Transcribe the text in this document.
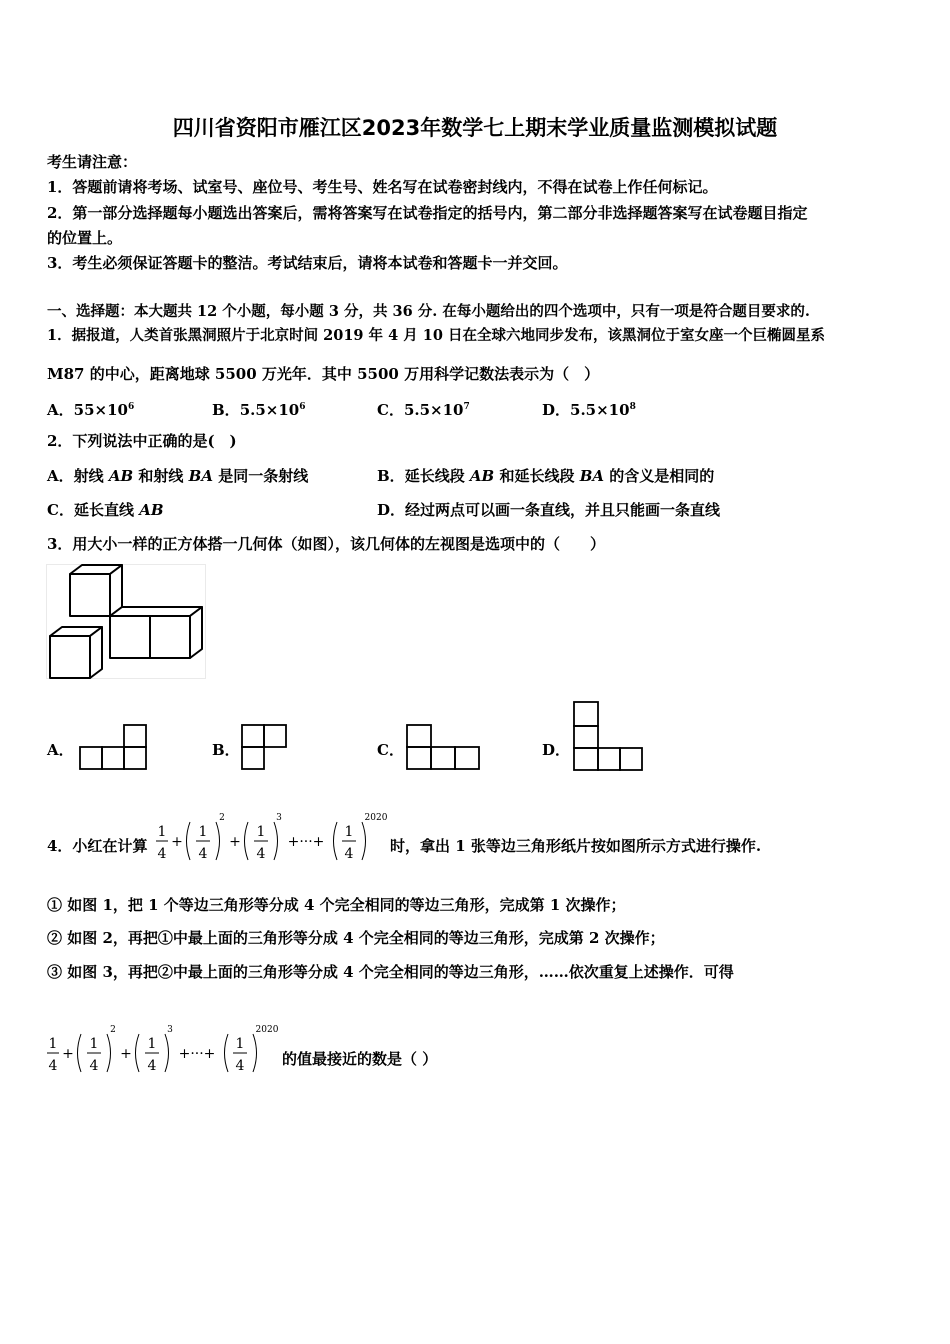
四川省资阳市雁江区2023年数学七上期末学业质量监测模拟试题
考生请注意：
1．答题前请将考场、试室号、座位号、考生号、姓名写在试卷密封线内，不得在试卷上作任何标记。
2．第一部分选择题每小题选出答案后，需将答案写在试卷指定的括号内，第二部分非选择题答案写在试卷题目指定
的位置上。
3．考生必须保证答题卡的整洁。考试结束后，请将本试卷和答题卡一并交回。
一、选择题：本大题共 12 个小题，每小题 3 分，共 36 分. 在每小题给出的四个选项中，只有一项是符合题目要求的.
1．据报道，人类首张黑洞照片于北京时间 2019 年 4 月 10 日在全球六地同步发布，该黑洞位于室女座一个巨椭圆星系
M87 的中心，距离地球 5500 万光年．其中 5500 万用科学记数法表示为（　）
A．$55\times 10^6$	B．$5.5\times 10^6$	C．$5.5\times 10^7$	D．$5.5\times 10^8$
2．下列说法中正确的是(　)
A．射线 AB 和射线 BA 是同一条射线	B．延长线段 AB 和延长线段 BA 的含义是相同的
C．延长直线 AB	D．经过两点可以画一条直线，并且只能画一条直线
3．用大小一样的正方体搭一几何体（如图），该几何体的左视图是选项中的（　　）
A．	B．	C．	D．
4．小红在计算
1
4
+
1
4
2
+
1
4
3
+···+
1
4
2020
时，拿出 1 张等边三角形纸片按如图所示方式进行操作.
① 如图 1，把 1 个等边三角形等分成 4 个完全相同的等边三角形，完成第 1 次操作；
② 如图 2，再把①中最上面的三角形等分成 4 个完全相同的等边三角形，完成第 2 次操作；
③ 如图 3，再把②中最上面的三角形等分成 4 个完全相同的等边三角形，……依次重复上述操作．可得
1
4
+
1
4
2
+
1
4
3
+···+
1
4
2020
的值最接近的数是（ ）
